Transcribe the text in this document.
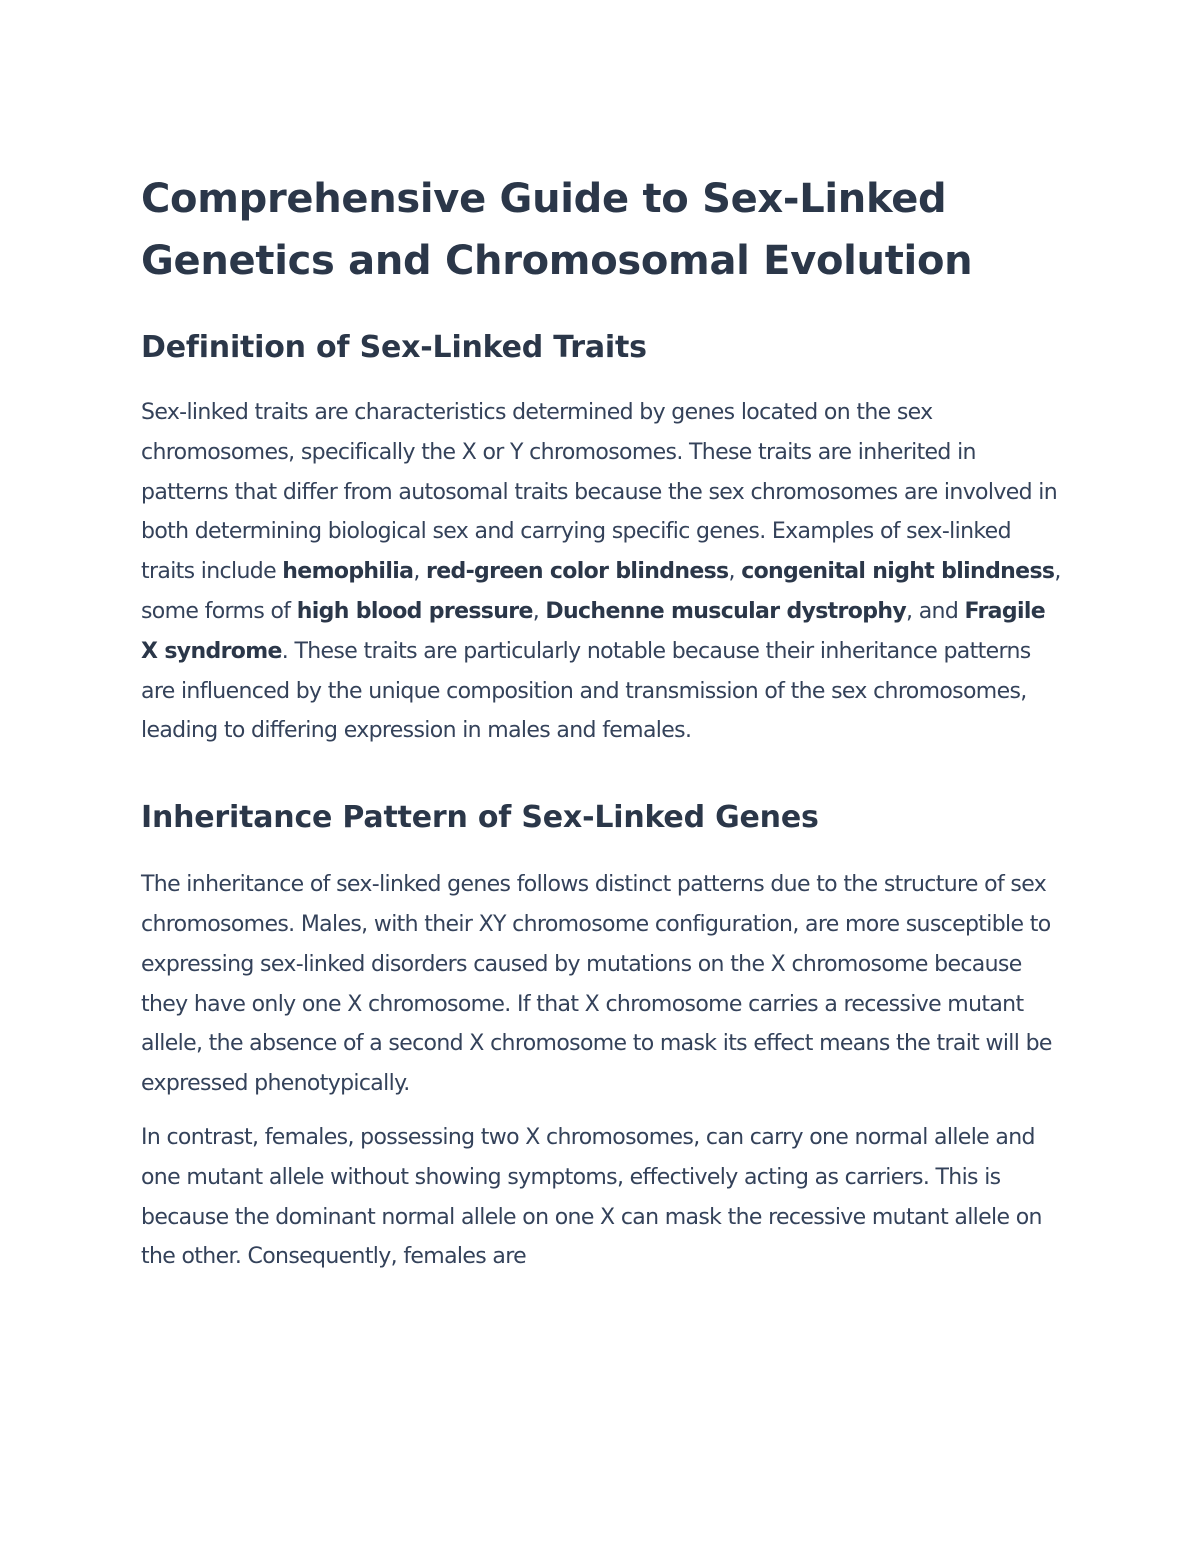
Comprehensive Guide to Sex-Linked Genetics and Chromosomal Evolution
Definition of Sex-Linked Traits

Sex-linked traits are characteristics determined by genes located on the sex chromosomes, specifically the X or Y chromosomes. These traits are inherited in patterns that differ from autosomal traits because the sex chromosomes are involved in both determining biological sex and carrying specific genes. Examples of sex-linked traits include hemophilia, red-green color blindness, congenital night blindness, some forms of high blood pressure, Duchenne muscular dystrophy, and Fragile X syndrome. These traits are particularly notable because their inheritance patterns are influenced by the unique composition and transmission of the sex chromosomes, leading to differing expression in males and females.

Inheritance Pattern of Sex-Linked Genes

The inheritance of sex-linked genes follows distinct patterns due to the structure of sex chromosomes. Males, with their XY chromosome configuration, are more susceptible to expressing sex-linked disorders caused by mutations on the X chromosome because they have only one X chromosome. If that X chromosome carries a recessive mutant allele, the absence of a second X chromosome to mask its effect means the trait will be expressed phenotypically.

In contrast, females, possessing two X chromosomes, can carry one normal allele and one mutant allele without showing symptoms, effectively acting as carriers. This is because the dominant normal allele on one X can mask the recessive mutant allele on the other. Consequently, females are
